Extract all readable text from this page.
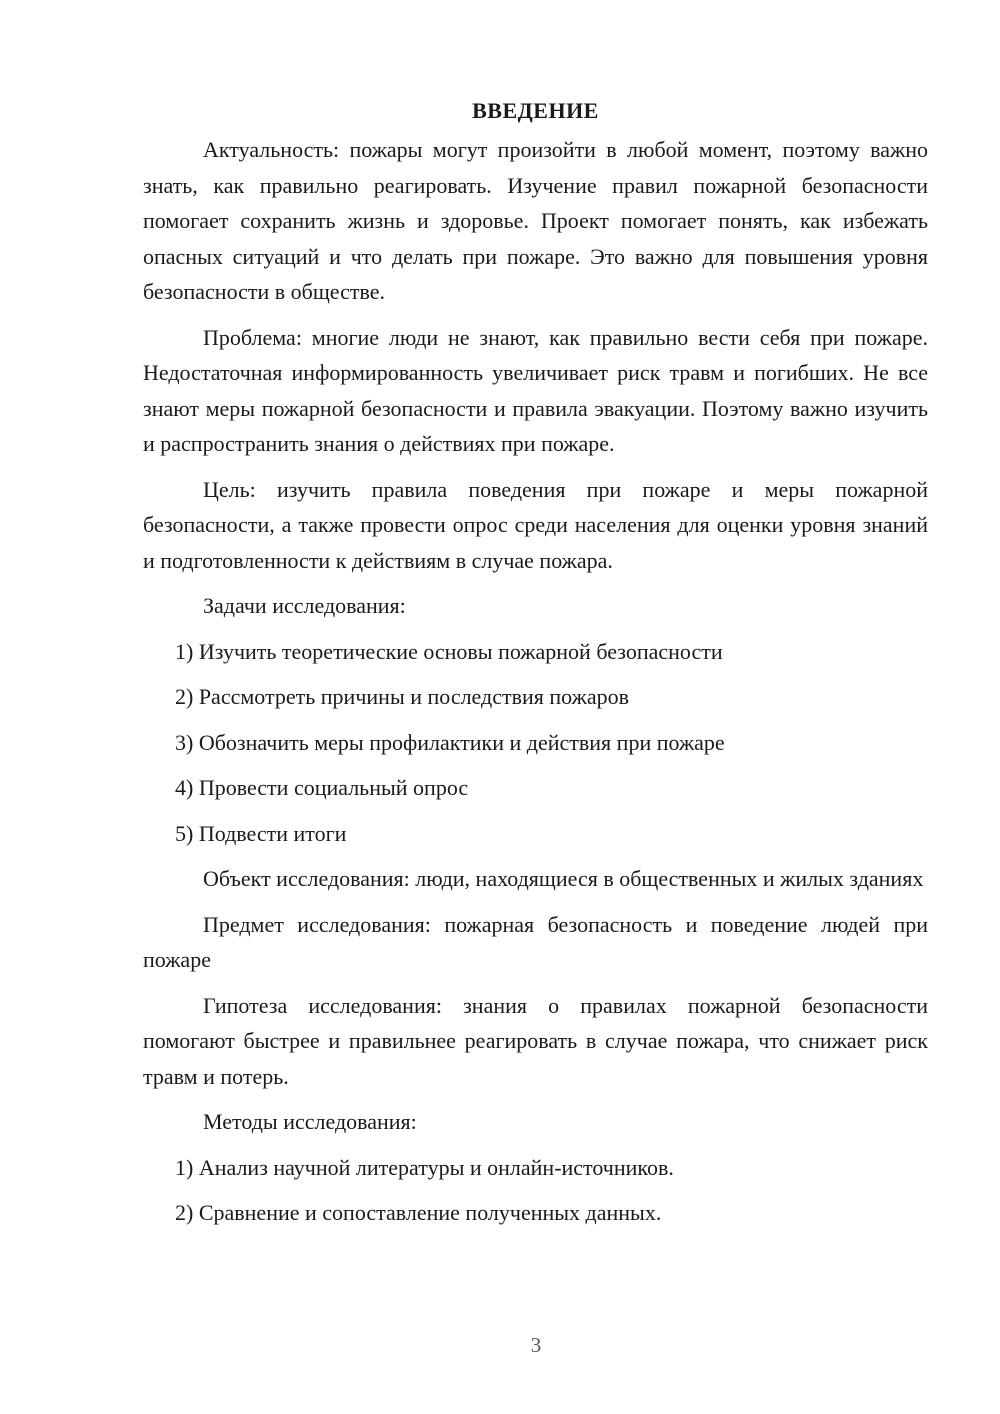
ВВЕДЕНИЕ

Актуальность: пожары могут произойти в любой момент, поэтому важно знать, как правильно реагировать. Изучение правил пожарной безопасности помогает сохранить жизнь и здоровье. Проект помогает понять, как избежать опасных ситуаций и что делать при пожаре. Это важно для повышения уровня безопасности в обществе.

Проблема: многие люди не знают, как правильно вести себя при пожаре. Недостаточная информированность увеличивает риск травм и погибших. Не все знают меры пожарной безопасности и правила эвакуации. Поэтому важно изучить и распространить знания о действиях при пожаре.

Цель: изучить правила поведения при пожаре и меры пожарной безопасности, а также провести опрос среди населения для оценки уровня знаний и подготовленности к действиям в случае пожара.

Задачи исследования:

1) Изучить теоретические основы пожарной безопасности
2) Рассмотреть причины и последствия пожаров
3) Обозначить меры профилактики и действия при пожаре
4) Провести социальный опрос
5) Подвести итоги

Объект исследования: люди, находящиеся в общественных и жилых зданиях

Предмет исследования: пожарная безопасность и поведение людей при пожаре

Гипотеза исследования: знания о правилах пожарной безопасности помогают быстрее и правильнее реагировать в случае пожара, что снижает риск травм и потерь.

Методы исследования:

1) Анализ научной литературы и онлайн-источников.
2) Сравнение и сопоставление полученных данных.
3
